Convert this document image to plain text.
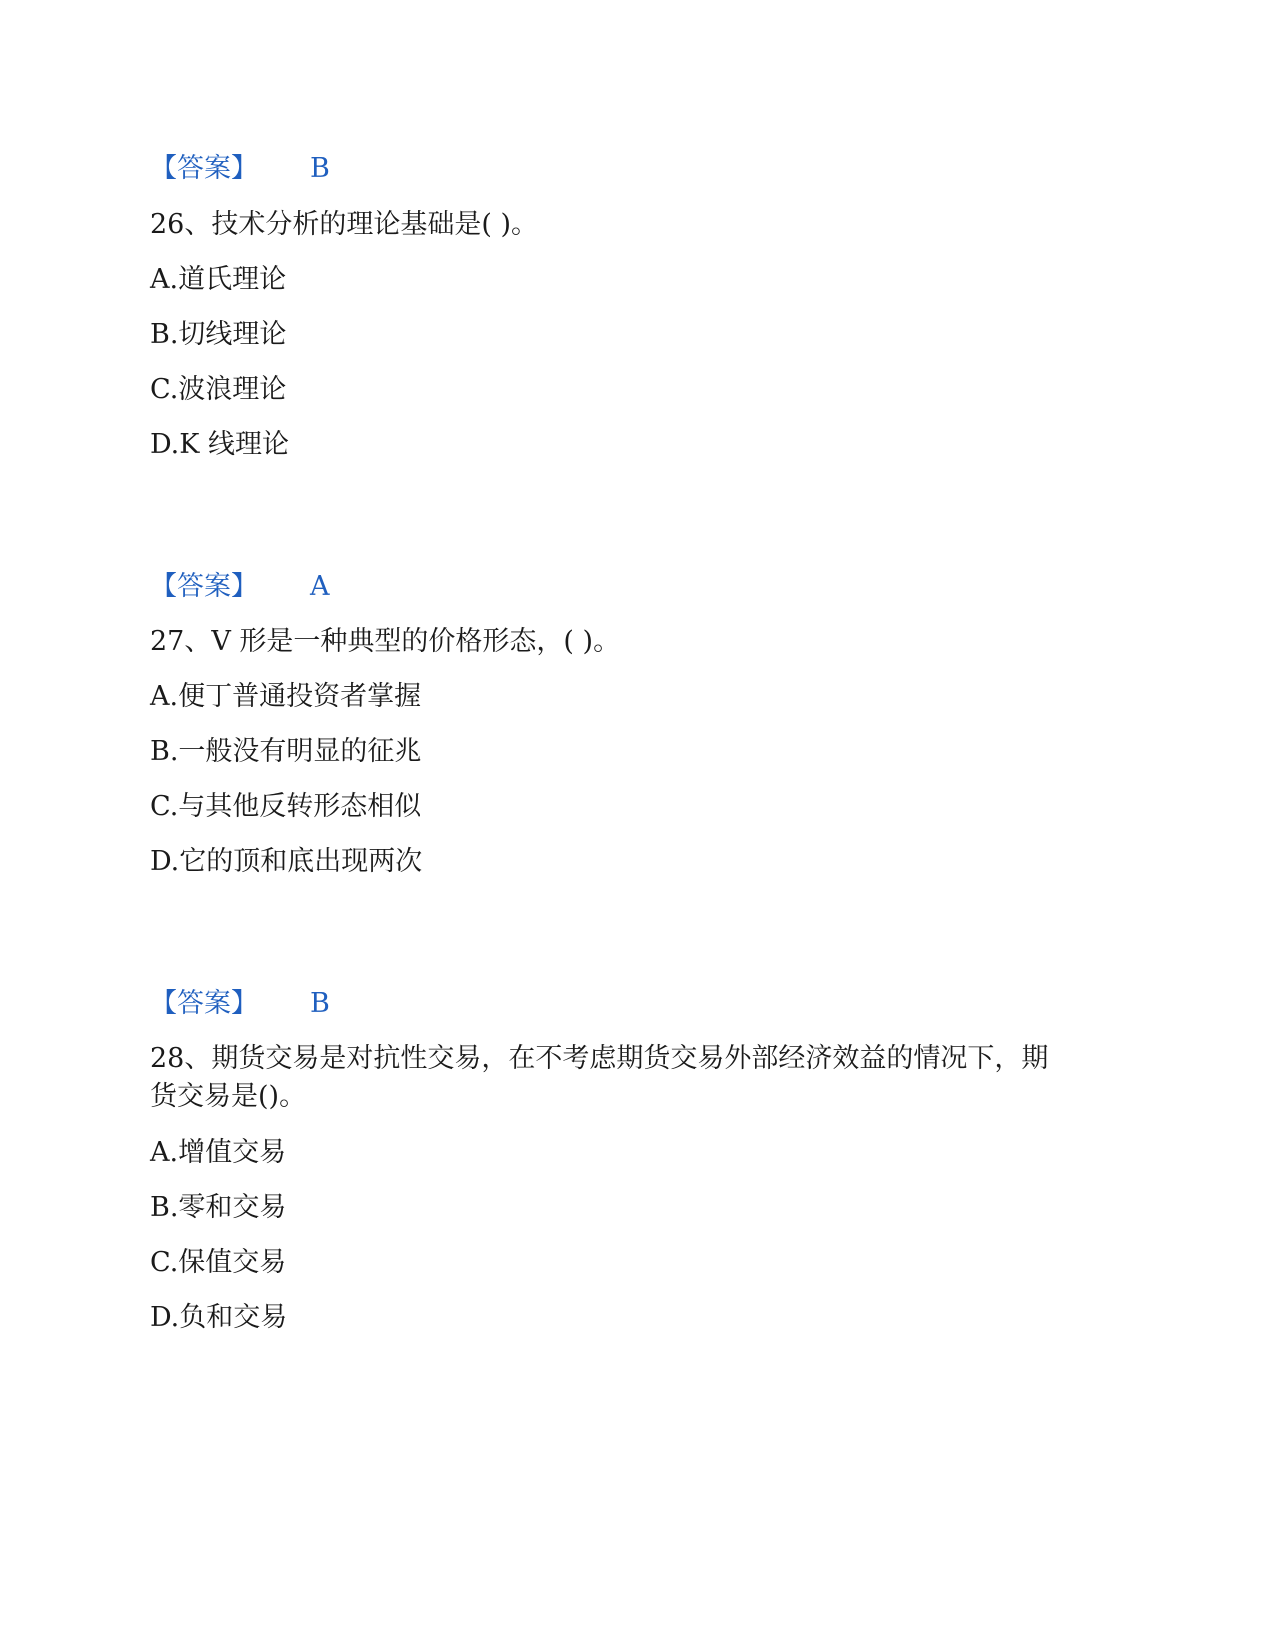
【答案】 B
26、技术分析的理论基础是( )。
A.道氏理论
B.切线理论
C.波浪理论
D.K 线理论
【答案】 A
27、V 形是一种典型的价格形态，( )。
A.便丁普通投资者掌握
B.一般没有明显的征兆
C.与其他反转形态相似
D.它的顶和底出现两次
【答案】 B
28、期货交易是对抗性交易，在不考虑期货交易外部经济效益的情况下，期
货交易是()。
A.增值交易
B.零和交易
C.保值交易
D.负和交易
